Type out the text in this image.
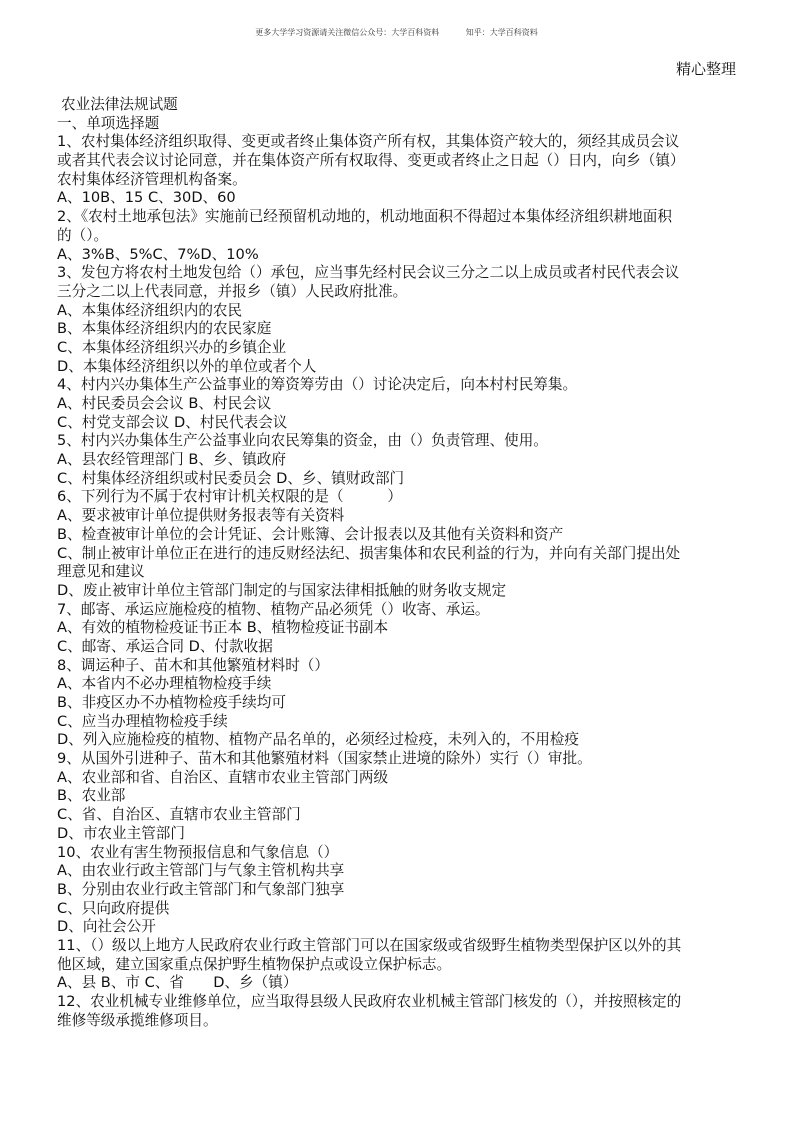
更多大学学习资源请关注微信公众号：大学百科资料	知乎：大学百科资料
精心整理
农业法律法规试题
一、单项选择题
1、农村集体经济组织取得、变更或者终止集体资产所有权，其集体资产较大的，须经其成员会议
或者其代表会议讨论同意，并在集体资产所有权取得、变更或者终止之日起（）日内，向乡（镇）
农村集体经济管理机构备案。
A、10B、15 C、30D、60
2、《农村土地承包法》实施前已经预留机动地的，机动地面积不得超过本集体经济组织耕地面积
的（）。
A、3%B、5%C、7%D、10%
3、发包方将农村土地发包给（）承包，应当事先经村民会议三分之二以上成员或者村民代表会议
三分之二以上代表同意，并报乡（镇）人民政府批准。
A、本集体经济组织内的农民
B、本集体经济组织内的农民家庭
C、本集体经济组织兴办的乡镇企业
D、本集体经济组织以外的单位或者个人
4、村内兴办集体生产公益事业的筹资筹劳由（）讨论决定后，向本村村民筹集。
A、村民委员会会议 B、村民会议
C、村党支部会议 D、村民代表会议
5、村内兴办集体生产公益事业向农民筹集的资金，由（）负责管理、使用。
A、县农经管理部门 B、乡、镇政府
C、村集体经济组织或村民委员会 D、乡、镇财政部门
6、下列行为不属于农村审计机关权限的是（　　　）
A、要求被审计单位提供财务报表等有关资料
B、检查被审计单位的会计凭证、会计账簿、会计报表以及其他有关资料和资产
C、制止被审计单位正在进行的违反财经法纪、损害集体和农民利益的行为，并向有关部门提出处
理意见和建议
D、废止被审计单位主管部门制定的与国家法律相抵触的财务收支规定
7、邮寄、承运应施检疫的植物、植物产品必须凭（）收寄、承运。
A、有效的植物检疫证书正本 B、植物检疫证书副本
C、邮寄、承运合同 D、付款收据
8、调运种子、苗木和其他繁殖材料时（）
A、本省内不必办理植物检疫手续
B、非疫区办不办植物检疫手续均可
C、应当办理植物检疫手续
D、列入应施检疫的植物、植物产品名单的，必须经过检疫，未列入的，不用检疫
9、从国外引进种子、苗木和其他繁殖材料（国家禁止进境的除外）实行（）审批。
A、农业部和省、自治区、直辖市农业主管部门两级
B、农业部
C、省、自治区、直辖市农业主管部门
D、市农业主管部门
10、农业有害生物预报信息和气象信息（）
A、由农业行政主管部门与气象主管机构共享
B、分别由农业行政主管部门和气象部门独享
C、只向政府提供
D、向社会公开
11、（）级以上地方人民政府农业行政主管部门可以在国家级或省级野生植物类型保护区以外的其
他区域，建立国家重点保护野生植物保护点或设立保护标志。
A、县 B、市 C、省　　D、乡（镇）
12、农业机械专业维修单位，应当取得县级人民政府农业机械主管部门核发的（），并按照核定的
维修等级承揽维修项目。
